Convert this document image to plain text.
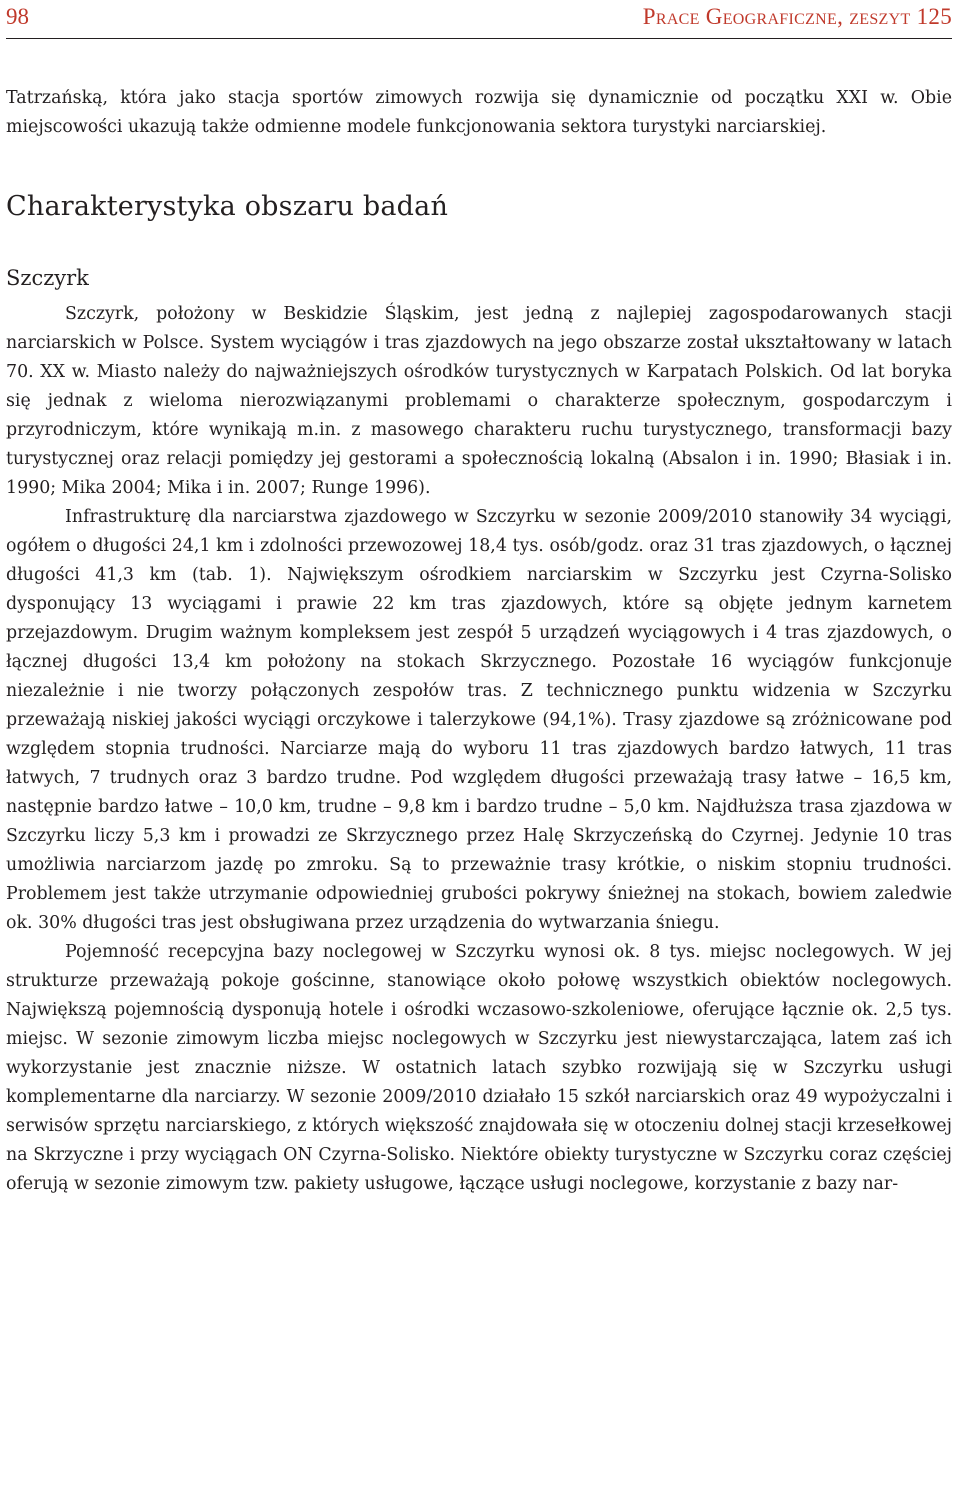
98	Prace Geograficzne, zeszyt 125

Tatrzańską, która jako stacja sportów zimowych rozwija się dynamicznie od początku XXI w. Obie miejscowości ukazują także odmienne modele funkcjonowania sektora turystyki narciarskiej.

Charakterystyka obszaru badań
Szczyrk

Szczyrk, położony w Beskidzie Śląskim, jest jedną z najlepiej zagospodarowanych stacji narciarskich w Polsce. System wyciągów i tras zjazdowych na jego obszarze został ukształtowany w latach 70. XX w. Miasto należy do najważniejszych ośrodków turystycznych w Karpatach Polskich. Od lat boryka się jednak z wieloma nierozwiązanymi problemami o charakterze społecznym, gospodarczym i przyrodniczym, które wynikają m.in. z masowego charakteru ruchu turystycznego, transformacji bazy turystycznej oraz relacji pomiędzy jej gestorami a społecznością lokalną (Absalon i in. 1990; Błasiak i in. 1990; Mika 2004; Mika i in. 2007; Runge 1996).

Infrastrukturę dla narciarstwa zjazdowego w Szczyrku w sezonie 2009/2010 stanowiły 34 wyciągi, ogółem o długości 24,1 km i zdolności przewozowej 18,4 tys. osób/godz. oraz 31 tras zjazdowych, o łącznej długości 41,3 km (tab. 1). Największym ośrodkiem narciarskim w Szczyrku jest Czyrna-Solisko dysponujący 13 wyciągami i prawie 22 km tras zjazdowych, które są objęte jednym karnetem przejazdowym. Drugim ważnym kompleksem jest zespół 5 urządzeń wyciągowych i 4 tras zjazdowych, o łącznej długości 13,4 km położony na stokach Skrzycznego. Pozostałe 16 wyciągów funkcjonuje niezależnie i nie tworzy połączonych zespołów tras. Z technicznego punktu widzenia w Szczyrku przeważają niskiej jakości wyciągi orczykowe i talerzykowe (94,1%). Trasy zjazdowe są zróżnicowane pod względem stopnia trudności. Narciarze mają do wyboru 11 tras zjazdowych bardzo łatwych, 11 tras łatwych, 7 trudnych oraz 3 bardzo trudne. Pod względem długości przeważają trasy łatwe – 16,5 km, następnie bardzo łatwe – 10,0 km, trudne – 9,8 km i bardzo trudne – 5,0 km. Najdłuższa trasa zjazdowa w Szczyrku liczy 5,3 km i prowadzi ze Skrzycznego przez Halę Skrzyczeńską do Czyrnej. Jedynie 10 tras umożliwia narciarzom jazdę po zmroku. Są to przeważnie trasy krótkie, o niskim stopniu trudności. Problemem jest także utrzymanie odpowiedniej grubości pokrywy śnieżnej na stokach, bowiem zaledwie ok. 30% długości tras jest obsługiwana przez urządzenia do wytwarzania śniegu.

Pojemność recepcyjna bazy noclegowej w Szczyrku wynosi ok. 8 tys. miejsc noclegowych. W jej strukturze przeważają pokoje gościnne, stanowiące około połowę wszystkich obiektów noclegowych. Największą pojemnością dysponują hotele i ośrodki wczasowo-szkoleniowe, oferujące łącznie ok. 2,5 tys. miejsc. W sezonie zimowym liczba miejsc noclegowych w Szczyrku jest niewystarczająca, latem zaś ich wykorzystanie jest znacznie niższe. W ostatnich latach szybko rozwijają się w Szczyrku usługi komplementarne dla narciarzy. W sezonie 2009/2010 działało 15 szkół narciarskich oraz 49 wypożyczalni i serwisów sprzętu narciarskiego, z których większość znajdowała się w otoczeniu dolnej stacji krzesełkowej na Skrzyczne i przy wyciągach ON Czyrna-Solisko. Niektóre obiekty turystyczne w Szczyrku coraz częściej oferują w sezonie zimowym tzw. pakiety usługowe, łączące usługi noclegowe, korzystanie z bazy nar-
